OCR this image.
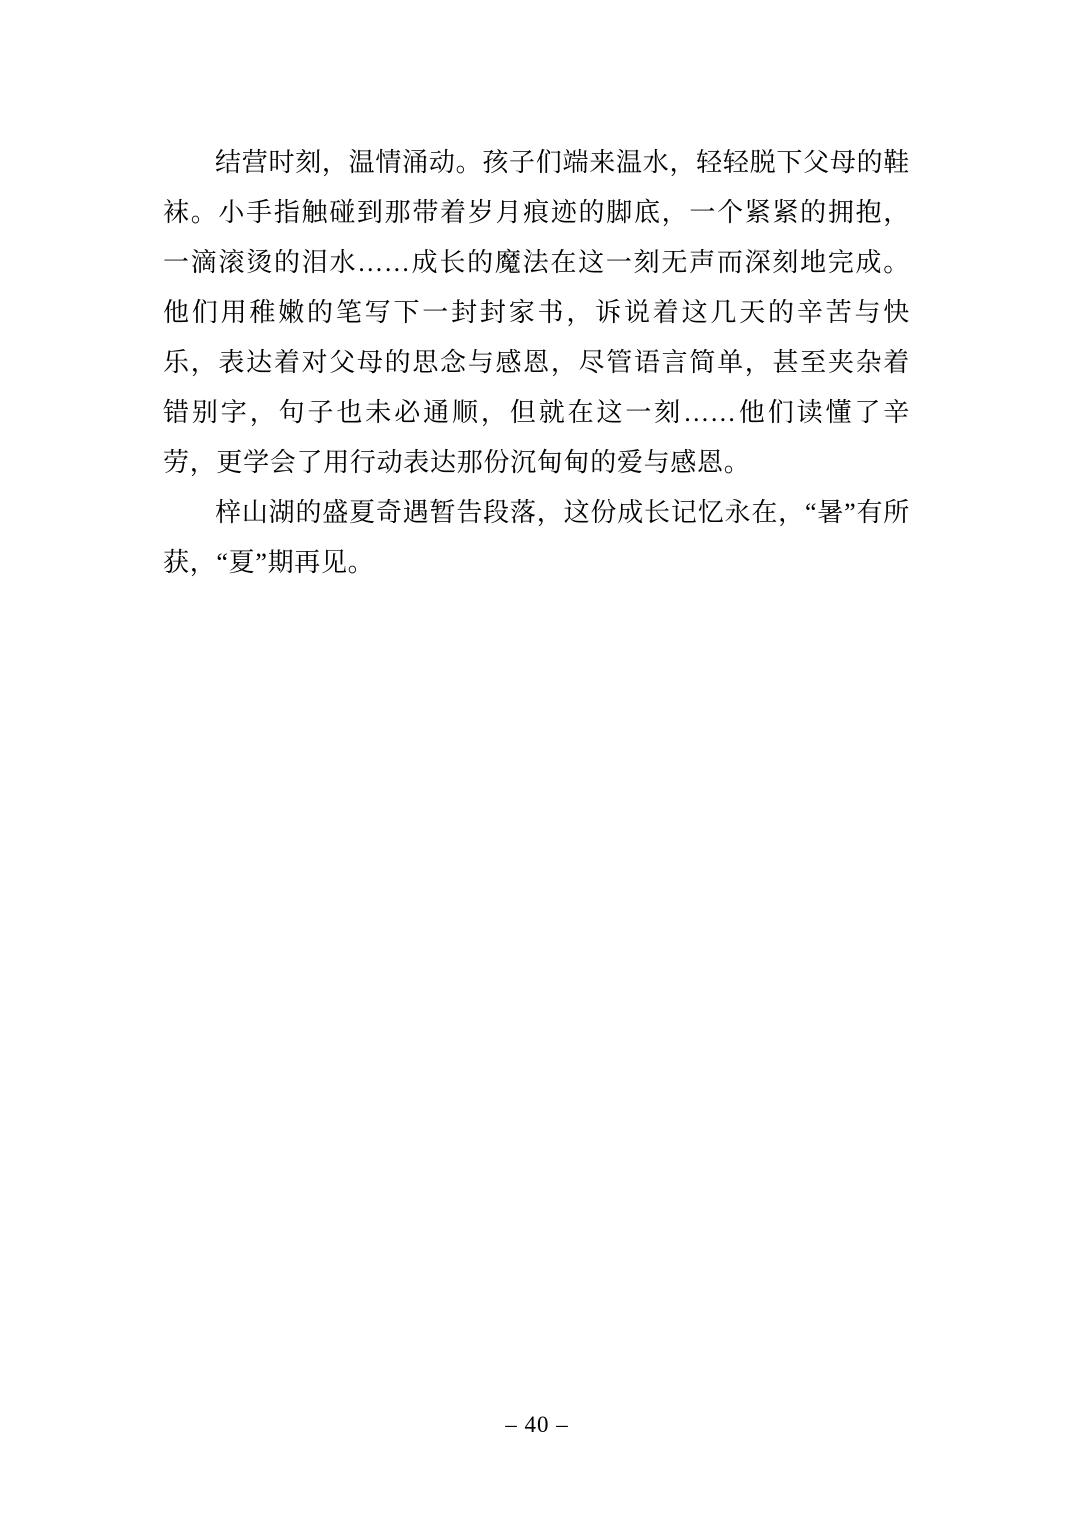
结营时刻，温情涌动。孩子们端来温水，轻轻脱下父母的鞋袜。小手指触碰到那带着岁月痕迹的脚底，一个紧紧的拥抱，一滴滚烫的泪水……成长的魔法在这一刻无声而深刻地完成。他们用稚嫩的笔写下一封封家书，诉说着这几天的辛苦与快乐，表达着对父母的思念与感恩，尽管语言简单，甚至夹杂着错别字，句子也未必通顺，但就在这一刻……他们读懂了辛劳，更学会了用行动表达那份沉甸甸的爱与感恩。

梓山湖的盛夏奇遇暂告段落，这份成长记忆永在，“暑”有所获，“夏”期再见。

– 40 –
